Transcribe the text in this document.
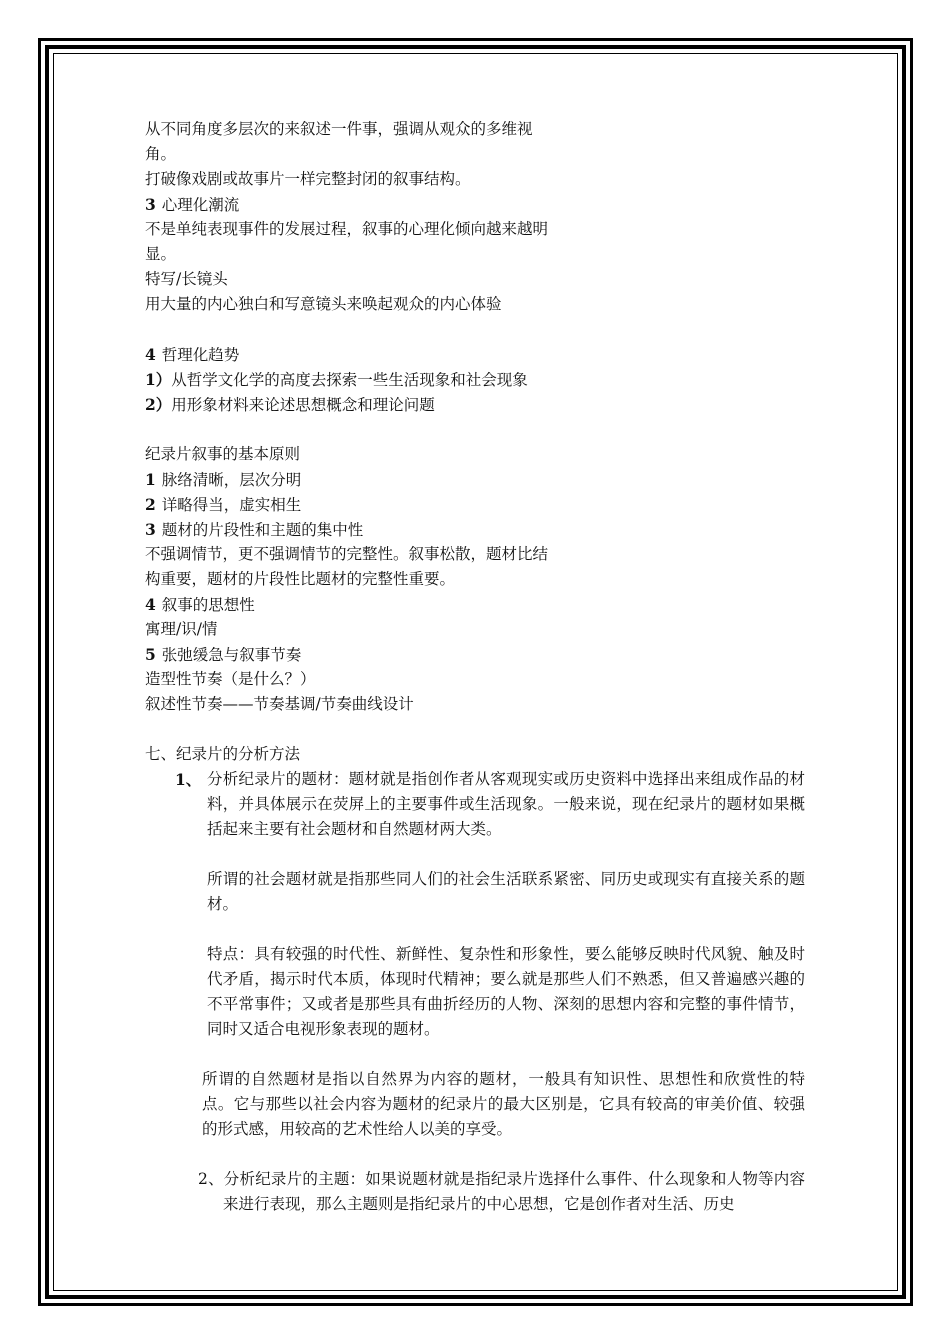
从不同角度多层次的来叙述一件事，强调从观众的多维视
角。
打破像戏剧或故事片一样完整封闭的叙事结构。
3 心理化潮流
不是单纯表现事件的发展过程，叙事的心理化倾向越来越明
显。
特写/长镜头
用大量的内心独白和写意镜头来唤起观众的内心体验
4 哲理化趋势
1）从哲学文化学的高度去探索一些生活现象和社会现象
2）用形象材料来论述思想概念和理论问题
纪录片叙事的基本原则
1 脉络清晰，层次分明
2 详略得当，虚实相生
3 题材的片段性和主题的集中性
不强调情节，更不强调情节的完整性。叙事松散，题材比结
构重要，题材的片段性比题材的完整性重要。
4 叙事的思想性
寓理/识/情
5 张弛缓急与叙事节奏
造型性节奏（是什么？）
叙述性节奏——节奏基调/节奏曲线设计
七、纪录片的分析方法
1、 分析纪录片的题材：题材就是指创作者从客观现实或历史资料中选择出来组成作品的材料，并具体展示在荧屏上的主要事件或生活现象。一般来说，现在纪录片的题材如果概括起来主要有社会题材和自然题材两大类。
所谓的社会题材就是指那些同人们的社会生活联系紧密、同历史或现实有直接关系的题材。
特点：具有较强的时代性、新鲜性、复杂性和形象性，要么能够反映时代风貌、触及时代矛盾，揭示时代本质，体现时代精神；要么就是那些人们不熟悉，但又普遍感兴趣的不平常事件；又或者是那些具有曲折经历的人物、深刻的思想内容和完整的事件情节，同时又适合电视形象表现的题材。
所谓的自然题材是指以自然界为内容的题材，一般具有知识性、思想性和欣赏性的特点。它与那些以社会内容为题材的纪录片的最大区别是，它具有较高的审美价值、较强的形式感，用较高的艺术性给人以美的享受。
2、分析纪录片的主题：如果说题材就是指纪录片选择什么事件、什么现象和人物等内容来进行表现，那么主题则是指纪录片的中心思想，它是创作者对生活、历史
